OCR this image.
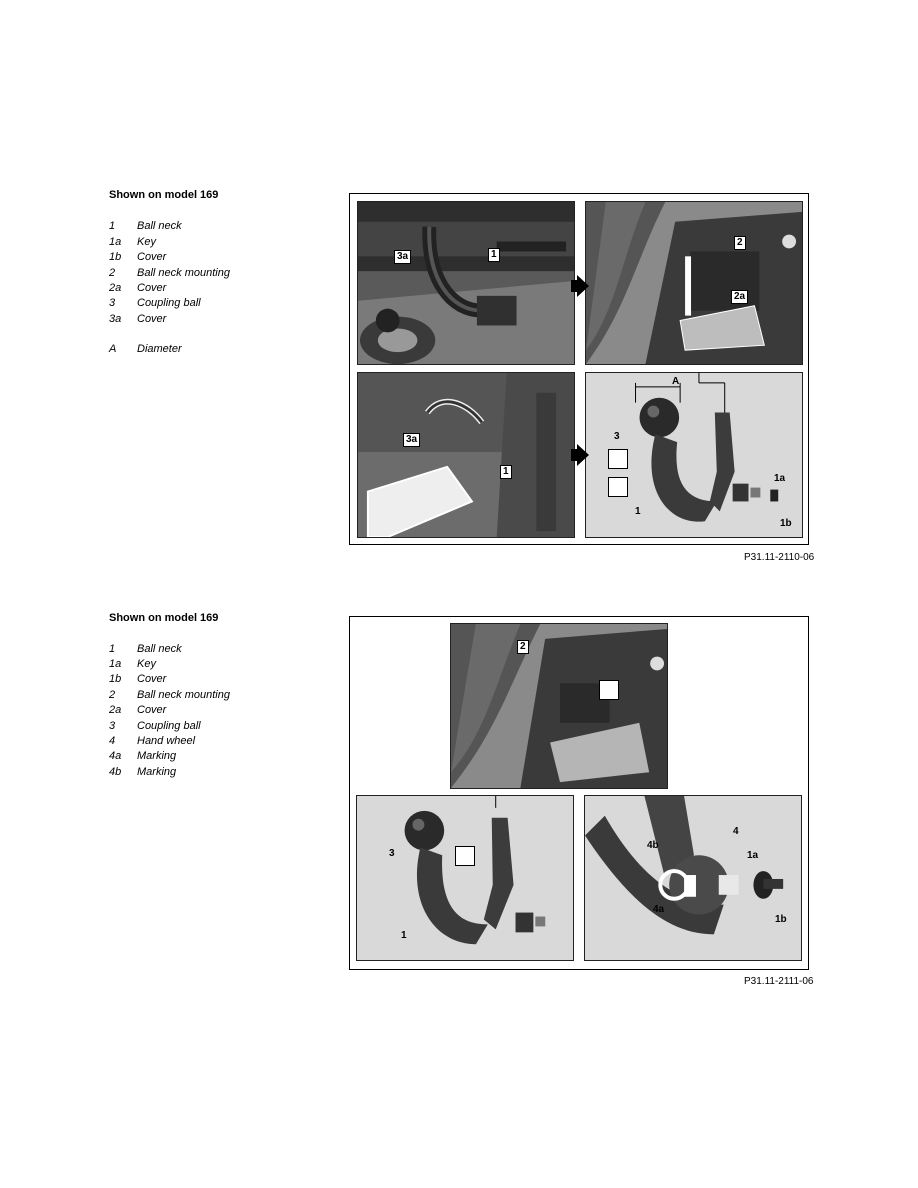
Shown on model 169
1	Ball neck
1a	Key
1b	Cover
2	Ball neck mounting
2a	Cover
3	Coupling ball
3a	Cover
A	Diameter
3a	1
2
2a
3a
1
A
3
1a
1
1b
P31.11-2110-06
Shown on model 169
1	Ball neck
1a	Key
1b	Cover
2	Ball neck mounting
2a	Cover
3	Coupling ball
4	Hand wheel
4a	Marking
4b	Marking
2
3
1
4
4b
1a
4a
1b
P31.11-2111-06
